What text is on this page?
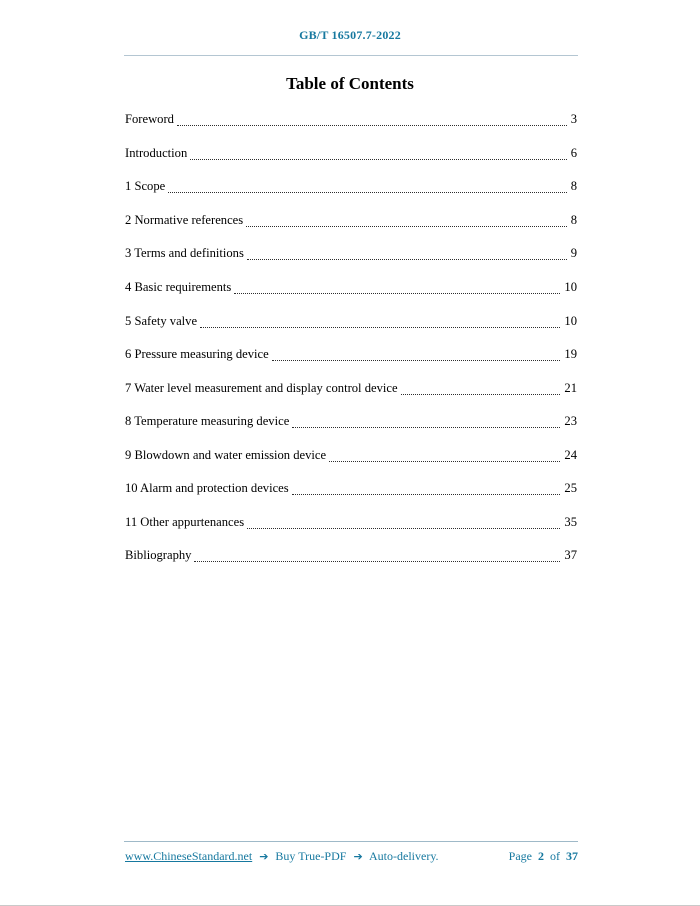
GB/T 16507.7-2022
Table of Contents
Foreword	3
Introduction	6
1 Scope	8
2 Normative references	8
3 Terms and definitions	9
4 Basic requirements	10
5 Safety valve	10
6 Pressure measuring device	19
7 Water level measurement and display control device	21
8 Temperature measuring device	23
9 Blowdown and water emission device	24
10 Alarm and protection devices	25
11 Other appurtenances	35
Bibliography	37
www.ChineseStandard.net ➔ Buy True-PDF ➔ Auto-delivery.	Page 2 of 37
